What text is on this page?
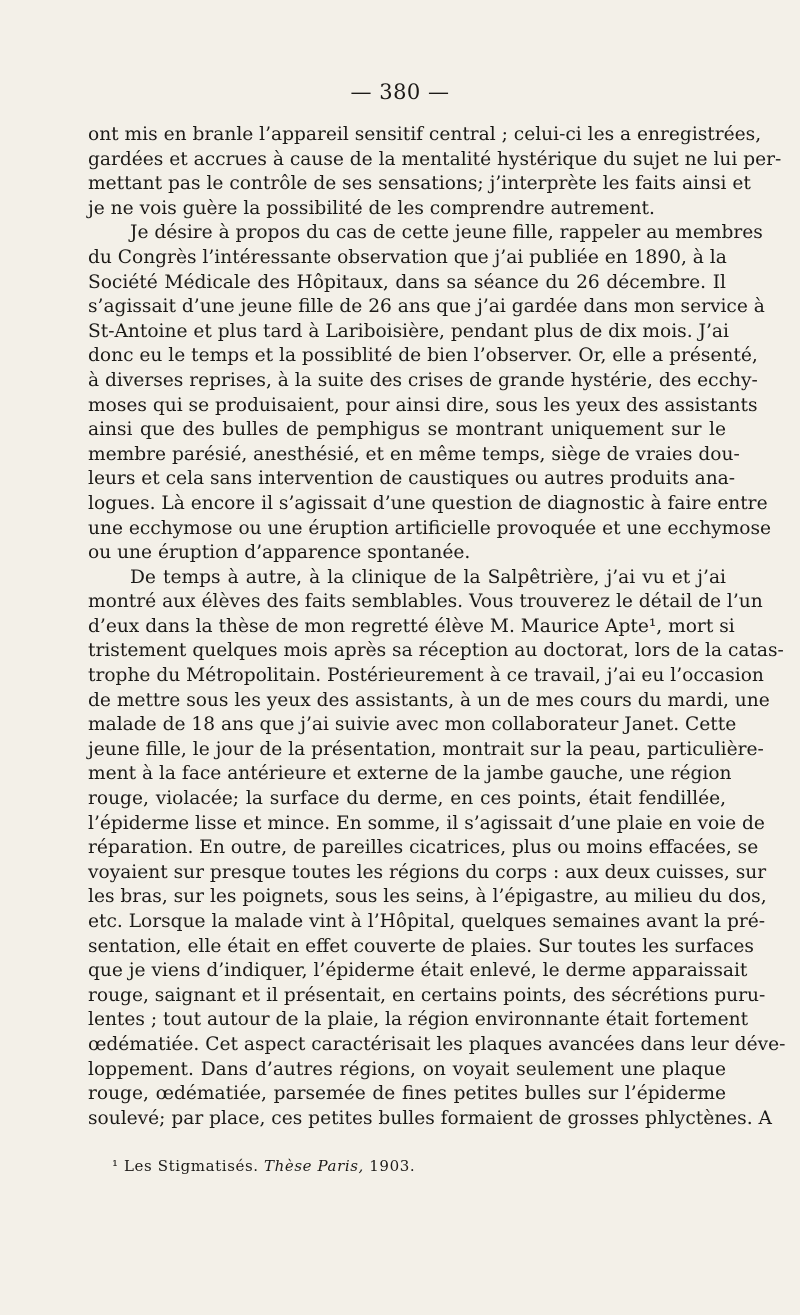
— 380 —

ont mis en branle l’appareil sensitif central ; celui-ci les a enregistrées,
gardées et accrues à cause de la mentalité hystérique du sujet ne lui per-
mettant pas le contrôle de ses sensations; j’interprète les faits ainsi et
je ne vois guère la possibilité de les comprendre autrement.

Je désire à propos du cas de cette jeune fille, rappeler au membres
du Congrès l’intéressante observation que j’ai publiée en 1890, à la
Société Médicale des Hôpitaux, dans sa séance du 26 décembre. Il
s’agissait d’une jeune fille de 26 ans que j’ai gardée dans mon service à
St-Antoine et plus tard à Lariboisière, pendant plus de dix mois. J’ai
donc eu le temps et la possiblité de bien l’observer. Or, elle a présenté,
à diverses reprises, à la suite des crises de grande hystérie, des ecchy-
moses qui se produisaient, pour ainsi dire, sous les yeux des assistants
ainsi que des bulles de pemphigus se montrant uniquement sur le
membre parésié, anesthésié, et en même temps, siège de vraies dou-
leurs et cela sans intervention de caustiques ou autres produits ana-
logues. Là encore il s’agissait d’une question de diagnostic à faire entre
une ecchymose ou une éruption artificielle provoquée et une ecchymose
ou une éruption d’apparence spontanée.

De temps à autre, à la clinique de la Salpêtrière, j’ai vu et j’ai
montré aux élèves des faits semblables. Vous trouverez le détail de l’un
d’eux dans la thèse de mon regretté élève M. Maurice Apte¹, mort si
tristement quelques mois après sa réception au doctorat, lors de la catas-
trophe du Métropolitain. Postérieurement à ce travail, j’ai eu l’occasion
de mettre sous les yeux des assistants, à un de mes cours du mardi, une
malade de 18 ans que j’ai suivie avec mon collaborateur Janet. Cette
jeune fille, le jour de la présentation, montrait sur la peau, particulière-
ment à la face antérieure et externe de la jambe gauche, une région
rouge, violacée; la surface du derme, en ces points, était fendillée,
l’épiderme lisse et mince. En somme, il s’agissait d’une plaie en voie de
réparation. En outre, de pareilles cicatrices, plus ou moins effacées, se
voyaient sur presque toutes les régions du corps : aux deux cuisses, sur
les bras, sur les poignets, sous les seins, à l’épigastre, au milieu du dos,
etc. Lorsque la malade vint à l’Hôpital, quelques semaines avant la pré-
sentation, elle était en effet couverte de plaies. Sur toutes les surfaces
que je viens d’indiquer, l’épiderme était enlevé, le derme apparaissait
rouge, saignant et il présentait, en certains points, des sécrétions puru-
lentes ; tout autour de la plaie, la région environnante était fortement
œdématiée. Cet aspect caractérisait les plaques avancées dans leur déve-
loppement. Dans d’autres régions, on voyait seulement une plaque
rouge, œdématiée, parsemée de fines petites bulles sur l’épiderme
soulevé; par place, ces petites bulles formaient de grosses phlyctènes. A

¹ Les Stigmatisés. Thèse Paris, 1903.
